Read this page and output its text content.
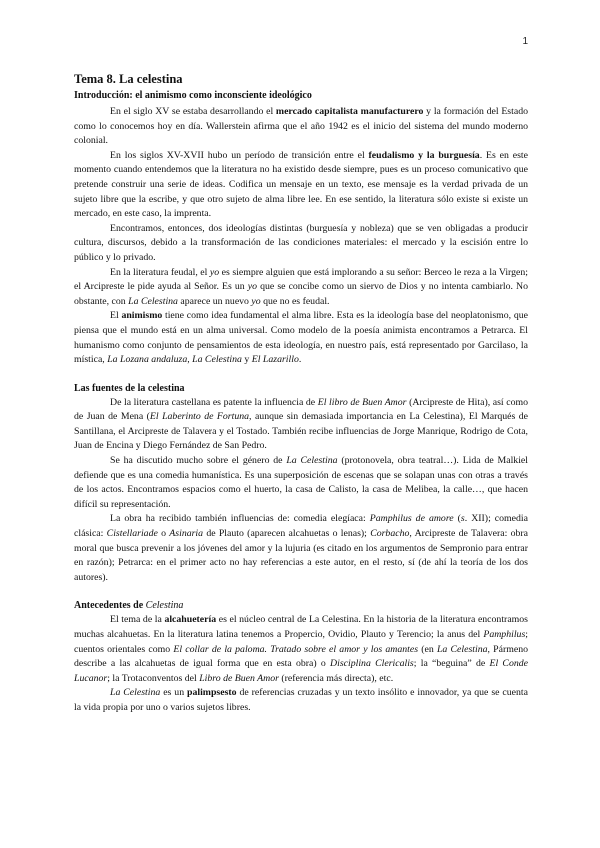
1
Tema 8. La celestina
Introducción: el animismo como inconsciente ideológico

En el siglo XV se estaba desarrollando el mercado capitalista manufacturero y la formación del Estado como lo conocemos hoy en día. Wallerstein afirma que el año 1942 es el inicio del sistema del mundo moderno colonial.

En los siglos XV-XVII hubo un período de transición entre el feudalismo y la burguesía. Es en este momento cuando entendemos que la literatura no ha existido desde siempre, pues es un proceso comunicativo que pretende construir una serie de ideas. Codifica un mensaje en un texto, ese mensaje es la verdad privada de un sujeto libre que la escribe, y que otro sujeto de alma libre lee. En ese sentido, la literatura sólo existe si existe un mercado, en este caso, la imprenta.

Encontramos, entonces, dos ideologías distintas (burguesía y nobleza) que se ven obligadas a producir cultura, discursos, debido a la transformación de las condiciones materiales: el mercado y la escisión entre lo público y lo privado.

En la literatura feudal, el yo es siempre alguien que está implorando a su señor: Berceo le reza a la Virgen; el Arcipreste le pide ayuda al Señor. Es un yo que se concibe como un siervo de Dios y no intenta cambiarlo. No obstante, con La Celestina aparece un nuevo yo que no es feudal.

El animismo tiene como idea fundamental el alma libre. Esta es la ideología base del neoplatonismo, que piensa que el mundo está en un alma universal. Como modelo de la poesía animista encontramos a Petrarca. El humanismo como conjunto de pensamientos de esta ideología, en nuestro país, está representado por Garcilaso, la mística, La Lozana andaluza, La Celestina y El Lazarillo.

Las fuentes de la celestina

De la literatura castellana es patente la influencia de El libro de Buen Amor (Arcipreste de Hita), así como de Juan de Mena (El Laberinto de Fortuna, aunque sin demasiada importancia en La Celestina), El Marqués de Santillana, el Arcipreste de Talavera y el Tostado. También recibe influencias de Jorge Manrique, Rodrigo de Cota, Juan de Encina y Diego Fernández de San Pedro.

Se ha discutido mucho sobre el género de La Celestina (protonovela, obra teatral…). Lida de Malkiel defiende que es una comedia humanística. Es una superposición de escenas que se solapan unas con otras a través de los actos. Encontramos espacios como el huerto, la casa de Calisto, la casa de Melibea, la calle…, que hacen difícil su representación.

La obra ha recibido también influencias de: comedia elegíaca: Pamphilus de amore (s. XII); comedia clásica: Cistellariade o Asinaria de Plauto (aparecen alcahuetas o lenas); Corbacho, Arcipreste de Talavera: obra moral que busca prevenir a los jóvenes del amor y la lujuria (es citado en los argumentos de Sempronio para entrar en razón); Petrarca: en el primer acto no hay referencias a este autor, en el resto, sí (de ahí la teoría de los dos autores).

Antecedentes de Celestina

El tema de la alcahuetería es el núcleo central de La Celestina. En la historia de la literatura encontramos muchas alcahuetas. En la literatura latina tenemos a Propercio, Ovidio, Plauto y Terencio; la anus del Pamphilus; cuentos orientales como El collar de la paloma. Tratado sobre el amor y los amantes (en La Celestina, Pármeno describe a las alcahuetas de igual forma que en esta obra) o Disciplina Clericalis; la “beguina” de El Conde Lucanor; la Trotaconventos del Libro de Buen Amor (referencia más directa), etc.

La Celestina es un palimpsesto de referencias cruzadas y un texto insólito e innovador, ya que se cuenta la vida propia por uno o varios sujetos libres.
